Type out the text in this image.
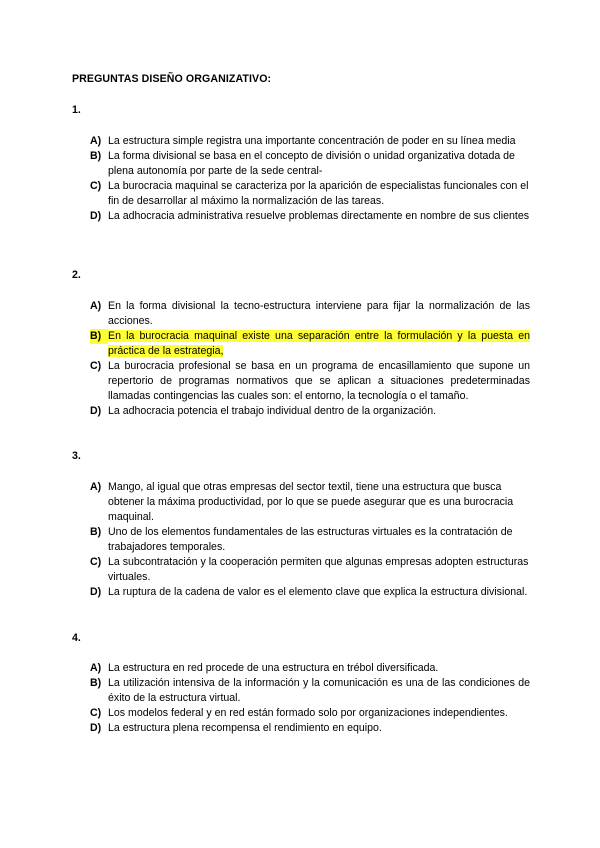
PREGUNTAS DISEÑO ORGANIZATIVO:
1.
A) La estructura simple registra una importante concentración de poder en su línea media
B) La forma divisional se basa en el concepto de división o unidad organizativa dotada de plena autonomía por parte de la sede central-
C) La burocracia maquinal se caracteriza por la aparición de especialistas funcionales con el fin de desarrollar al máximo la normalización de las tareas.
D) La adhocracia administrativa resuelve problemas directamente en nombre de sus clientes
2.
A) En la forma divisional la tecno-estructura interviene para fijar la normalización de las acciones.
B) En la burocracia maquinal existe una separación entre la formulación y la puesta en práctica de la estrategia,
C) La burocracia profesional se basa en un programa de encasillamiento que supone un repertorio de programas normativos que se aplican a situaciones predeterminadas llamadas contingencias las cuales son: el entorno, la tecnología o el tamaño.
D) La adhocracia potencia el trabajo individual dentro de la organización.
3.
A) Mango, al igual que otras empresas del sector textil, tiene una estructura que busca obtener la máxima productividad, por lo que se puede asegurar que es una burocracia maquinal.
B) Uno de los elementos fundamentales de las estructuras virtuales es la contratación de trabajadores temporales.
C) La subcontratación y la cooperación permiten que algunas empresas adopten estructuras virtuales.
D) La ruptura de la cadena de valor es el elemento clave que explica la estructura divisional.
4.
A) La estructura en red procede de una estructura en trébol diversificada.
B) La utilización intensiva de la información y la comunicación es una de las condiciones de éxito de la estructura virtual.
C) Los modelos federal y en red están formado solo por organizaciones independientes.
D) La estructura plena recompensa el rendimiento en equipo.
